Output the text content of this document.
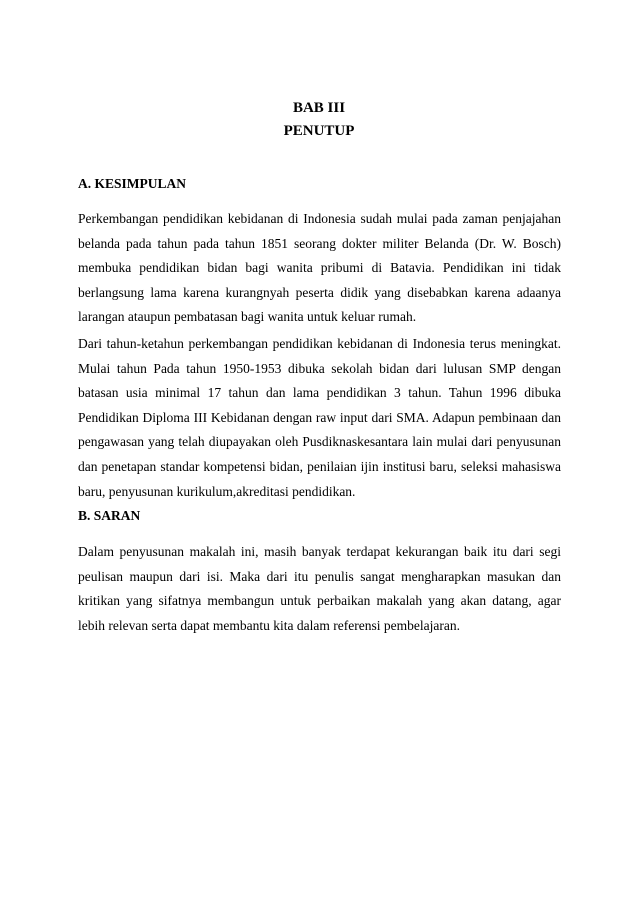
BAB III
PENUTUP
A. KESIMPULAN

Perkembangan pendidikan kebidanan di Indonesia sudah mulai pada zaman penjajahan belanda pada tahun pada tahun 1851 seorang dokter militer Belanda (Dr. W. Bosch) membuka pendidikan bidan bagi wanita pribumi di Batavia. Pendidikan ini tidak berlangsung lama karena kurangnyah peserta didik yang disebabkan karena adaanya larangan ataupun pembatasan bagi wanita untuk keluar rumah.

Dari tahun-ketahun perkembangan pendidikan kebidanan di Indonesia terus meningkat. Mulai tahun Pada tahun 1950-1953 dibuka sekolah bidan dari lulusan SMP dengan batasan usia minimal 17 tahun dan lama pendidikan 3 tahun. Tahun 1996 dibuka Pendidikan Diploma III Kebidanan dengan raw input dari SMA. Adapun pembinaan dan pengawasan yang telah diupayakan oleh Pusdiknaskesantara lain mulai dari penyusunan dan penetapan standar kompetensi bidan, penilaian ijin institusi baru, seleksi mahasiswa baru, penyusunan kurikulum,akreditasi pendidikan.

B. SARAN

Dalam penyusunan makalah ini, masih banyak terdapat kekurangan baik itu dari segi peulisan maupun dari isi. Maka dari itu penulis sangat mengharapkan masukan dan kritikan yang sifatnya membangun untuk perbaikan makalah yang akan datang, agar lebih relevan serta dapat membantu kita dalam referensi pembelajaran.
